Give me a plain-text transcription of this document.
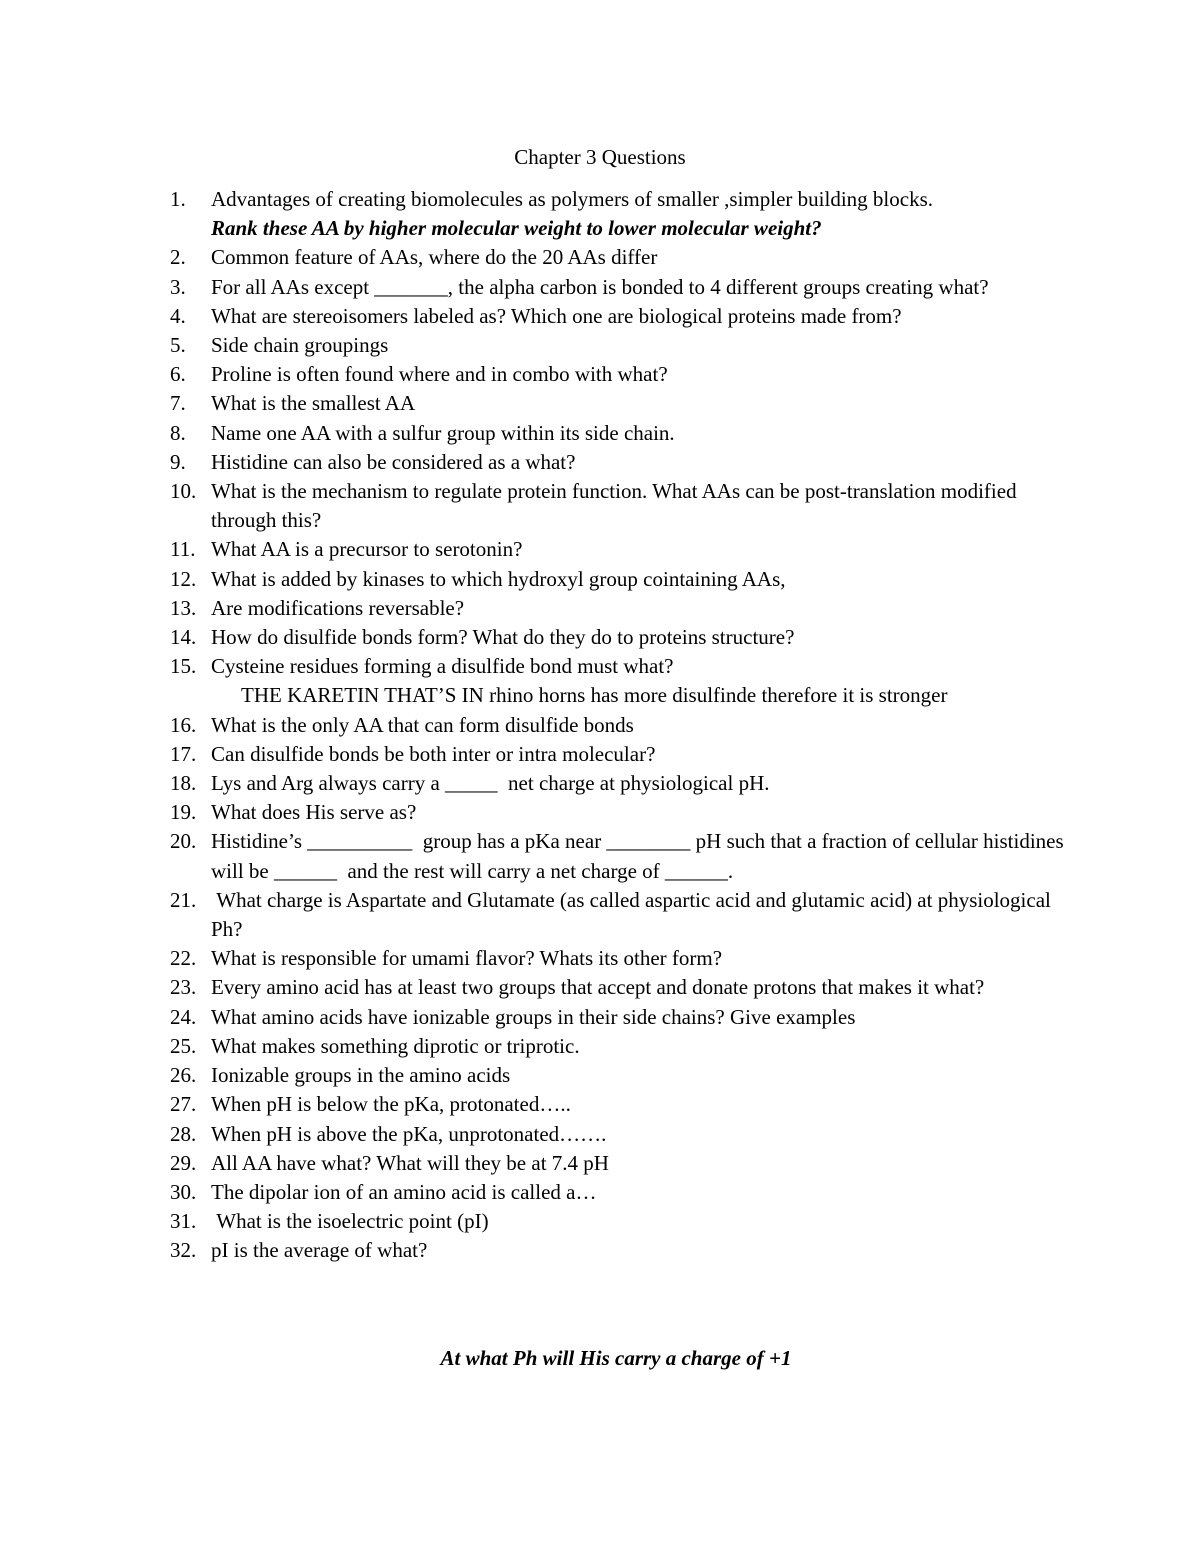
Chapter 3 Questions
1.	Advantages of creating biomolecules as polymers of smaller ,simpler building blocks.
Rank these AA by higher molecular weight to lower molecular weight?
2.	Common feature of AAs, where do the 20 AAs differ
3.	For all AAs except _______, the alpha carbon is bonded to 4 different groups creating what?
4.	What are stereoisomers labeled as? Which one are biological proteins made from?
5.	Side chain groupings
6.	Proline is often found where and in combo with what?
7.	What is the smallest AA
8.	Name one AA with a sulfur group within its side chain.
9.	Histidine can also be considered as a what?
10. What is the mechanism to regulate protein function. What AAs can be post-translation modified through this?
11. What AA is a precursor to serotonin?
12. What is added by kinases to which hydroxyl group cointaining AAs,
13. Are modifications reversable?
14. How do disulfide bonds form? What do they do to proteins structure?
15. Cysteine residues forming a disulfide bond must what?
THE KARETIN THAT’S IN rhino horns has more disulfinde therefore it is stronger
16. What is the only AA that can form disulfide bonds
17. Can disulfide bonds be both inter or intra molecular?
18. Lys and Arg always carry a _____  net charge at physiological pH.
19. What does His serve as?
20. Histidine’s __________  group has a pKa near ________ pH such that a fraction of cellular histidines will be ______  and the rest will carry a net charge of ______.
21. What charge is Aspartate and Glutamate (as called aspartic acid and glutamic acid) at physiological Ph?
22. What is responsible for umami flavor? Whats its other form?
23. Every amino acid has at least two groups that accept and donate protons that makes it what?
24. What amino acids have ionizable groups in their side chains? Give examples
25. What makes something diprotic or triprotic.
26. Ionizable groups in the amino acids
27. When pH is below the pKa, protonated…..
28. When pH is above the pKa, unprotonated…….
29. All AA have what? What will they be at 7.4 pH
30. The dipolar ion of an amino acid is called a…
31. What is the isoelectric point (pI)
32. pI is the average of what?
At what Ph will His carry a charge of +1
